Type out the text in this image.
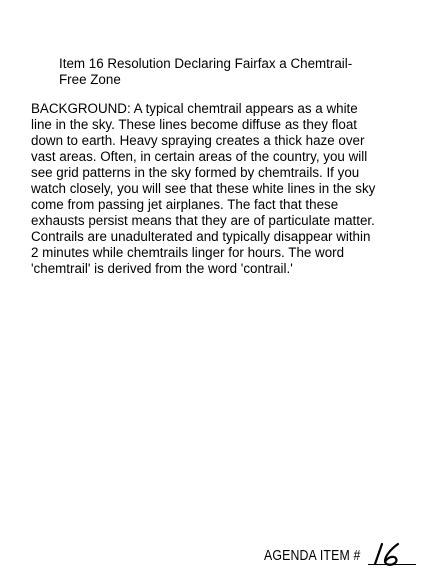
Item 16 Resolution Declaring Fairfax a Chemtrail-
Free Zone
BACKGROUND: A typical chemtrail appears as a white
line in the sky. These lines become diffuse as they float
down to earth. Heavy spraying creates a thick haze over
vast areas. Often, in certain areas of the country, you will
see grid patterns in the sky formed by chemtrails. If you
watch closely, you will see that these white lines in the sky
come from passing jet airplanes. The fact that these
exhausts persist means that they are of particulate matter.
Contrails are unadulterated and typically disappear within
2 minutes while chemtrails linger for hours. The word
'chemtrail' is derived from the word 'contrail.'
AGENDA ITEM #
